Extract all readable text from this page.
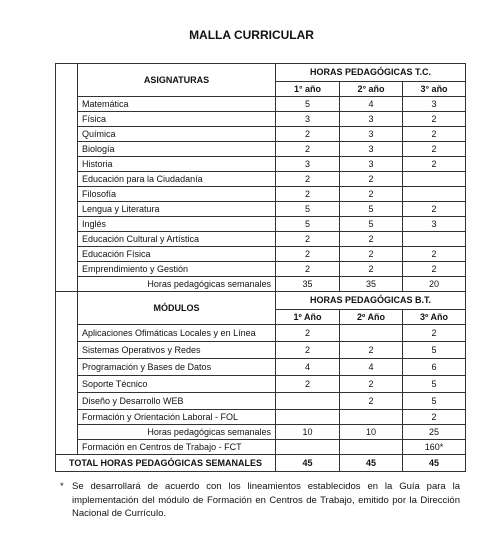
MALLA CURRICULAR
	ASIGNATURAS	HORAS PEDAGÓGICAS T.C.		
		1° año	2° año	3° año
	Matemática	5	4	3
	Física	3	3	2
	Química	2	3	2
	Biología	2	3	2
	Historia	3	3	2
	Educación para la Ciudadanía	2	2	
	Filosofía	2	2	
	Lengua y Literatura	5	5	2
	Inglés	5	5	3
	Educación Cultural y Artística	2	2	
	Educación Física	2	2	2
	Emprendimiento y Gestión	2	2	2
	Horas pedagógicas semanales	35	35	20
	MÓDULOS	HORAS PEDAGÓGICAS B.T.		
		1º Año	2º Año	3º Año
	Aplicaciones Ofimáticas Locales y en Línea	2		2
	Sistemas Operativos y Redes	2	2	5
	Programación y Bases de Datos	4	4	6
	Soporte Técnico	2	2	5
	Diseño y Desarrollo WEB		2	5
	Formación y Orientación Laboral - FOL			2
	Horas pedagógicas semanales	10	10	25
	Formación en Centros de Trabajo - FCT			160*
TOTAL HORAS PEDAGÓGICAS SEMANALES		45	45	45
* Se desarrollará de acuerdo con los lineamientos establecidos en la Guía para la implementación del módulo de Formación en Centros de Trabajo, emitido por la Dirección Nacional de Currículo.
